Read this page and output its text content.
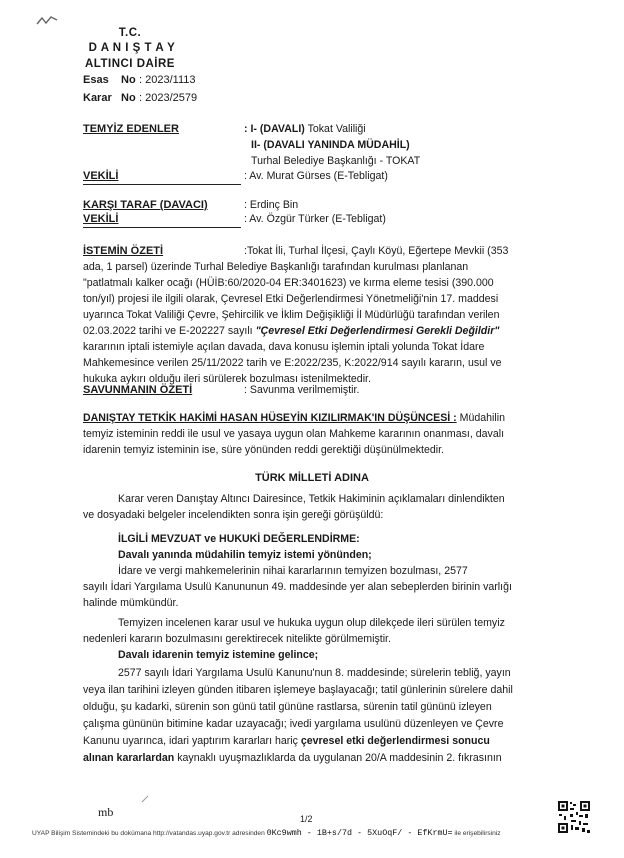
T.C.
D A N I Ş T A Y
ALTINCI DAİRE
Esas No : 2023/1113
Karar No : 2023/2579
TEMYİZ EDENLER	: I- (DAVALI) Tokat Valiliği
II- (DAVALI YANINDA MÜDAHİL)
Turhal Belediye Başkanlığı - TOKAT
VEKİLİ	: Av. Murat Gürses (E-Tebligat)
KARŞI TARAF (DAVACI)	: Erdinç Bin
VEKİLİ	: Av. Özgür Türker (E-Tebligat)
İSTEMİN ÖZETİ	:Tokat İli, Turhal İlçesi, Çaylı Köyü, Eğertepe Mevkii (353
ada, 1 parsel) üzerinde Turhal Belediye Başkanlığı tarafından kurulması planlanan
"patlatmalı kalker ocağı (HÜİB:60/2020-04 ER:3401623) ve kırma eleme tesisi (390.000
ton/yıl) projesi ile ilgili olarak, Çevresel Etki Değerlendirmesi Yönetmeliği'nin 17. maddesi
uyarınca Tokat Valiliği Çevre, Şehircilik ve İklim Değişikliği İl Müdürlüğü tarafından verilen
02.03.2022 tarihi ve E-202227 sayılı "Çevresel Etki Değerlendirmesi Gerekli Değildir"
kararının iptali istemiyle açılan davada, dava konusu işlemin iptali yolunda Tokat İdare
Mahkemesince verilen 25/11/2022 tarih ve E:2022/235, K:2022/914 sayılı kararın, usul ve
hukuka aykırı olduğu ileri sürülerek bozulması istenilmektedir.
SAVUNMANIN ÖZETİ	: Savunma verilmemiştir.
DANIŞTAY TETKİK HAKİMİ HASAN HÜSEYİN KIZILIRMAK'IN DÜŞÜNCESİ : Müdahilin
temyiz isteminin reddi ile usul ve yasaya uygun olan Mahkeme kararının onanması, davalı
idarenin temyiz isteminin ise, süre yönünden reddi gerektiği düşünülmektedir.
TÜRK MİLLETİ ADINA
Karar veren Danıştay Altıncı Dairesince, Tetkik Hakiminin açıklamaları dinlendikten
ve dosyadaki belgeler incelendikten sonra işin gereği görüşüldü:
İLGİLİ MEVZUAT ve HUKUKİ DEĞERLENDİRME:
Davalı yanında müdahilin temyiz istemi yönünden;
İdare ve vergi mahkemelerinin nihai kararlarının temyizen bozulması, 2577
sayılı İdari Yargılama Usulü Kanununun 49. maddesinde yer alan sebeplerden birinin varlığı
halinde mümkündür.
Temyizen incelenen karar usul ve hukuka uygun olup dilekçede ileri sürülen temyiz
nedenleri kararın bozulmasını gerektirecek nitelikte görülmemiştir.
Davalı idarenin temyiz istemine gelince;
2577 sayılı İdari Yargılama Usulü Kanunu'nun 8. maddesinde; sürelerin tebliğ, yayın
veya ilan tarihini izleyen günden itibaren işlemeye başlayacağı; tatil günlerinin sürelere dahil
olduğu, şu kadarki, sürenin son günü tatil gününe rastlarsa, sürenin tatil gününü izleyen
çalışma gününün bitimine kadar uzayacağı; ivedi yargılama usulünü düzenleyen ve Çevre
Kanunu uyarınca, idari yaptırım kararları hariç çevresel etki değerlendirmesi sonucu
alınan kararlardan kaynaklı uyuşmazlıklarda da uygulanan 20/A maddesinin 2. fıkrasının
mb	1/2
UYAP Bilişim Sistemindeki bu dokümana http://vatandas.uyap.gov.tr adresinden 0Kc9wmh - 1B+s/7d - 5XuOqF/ - EfKrmU= ile erişebilirsiniz
